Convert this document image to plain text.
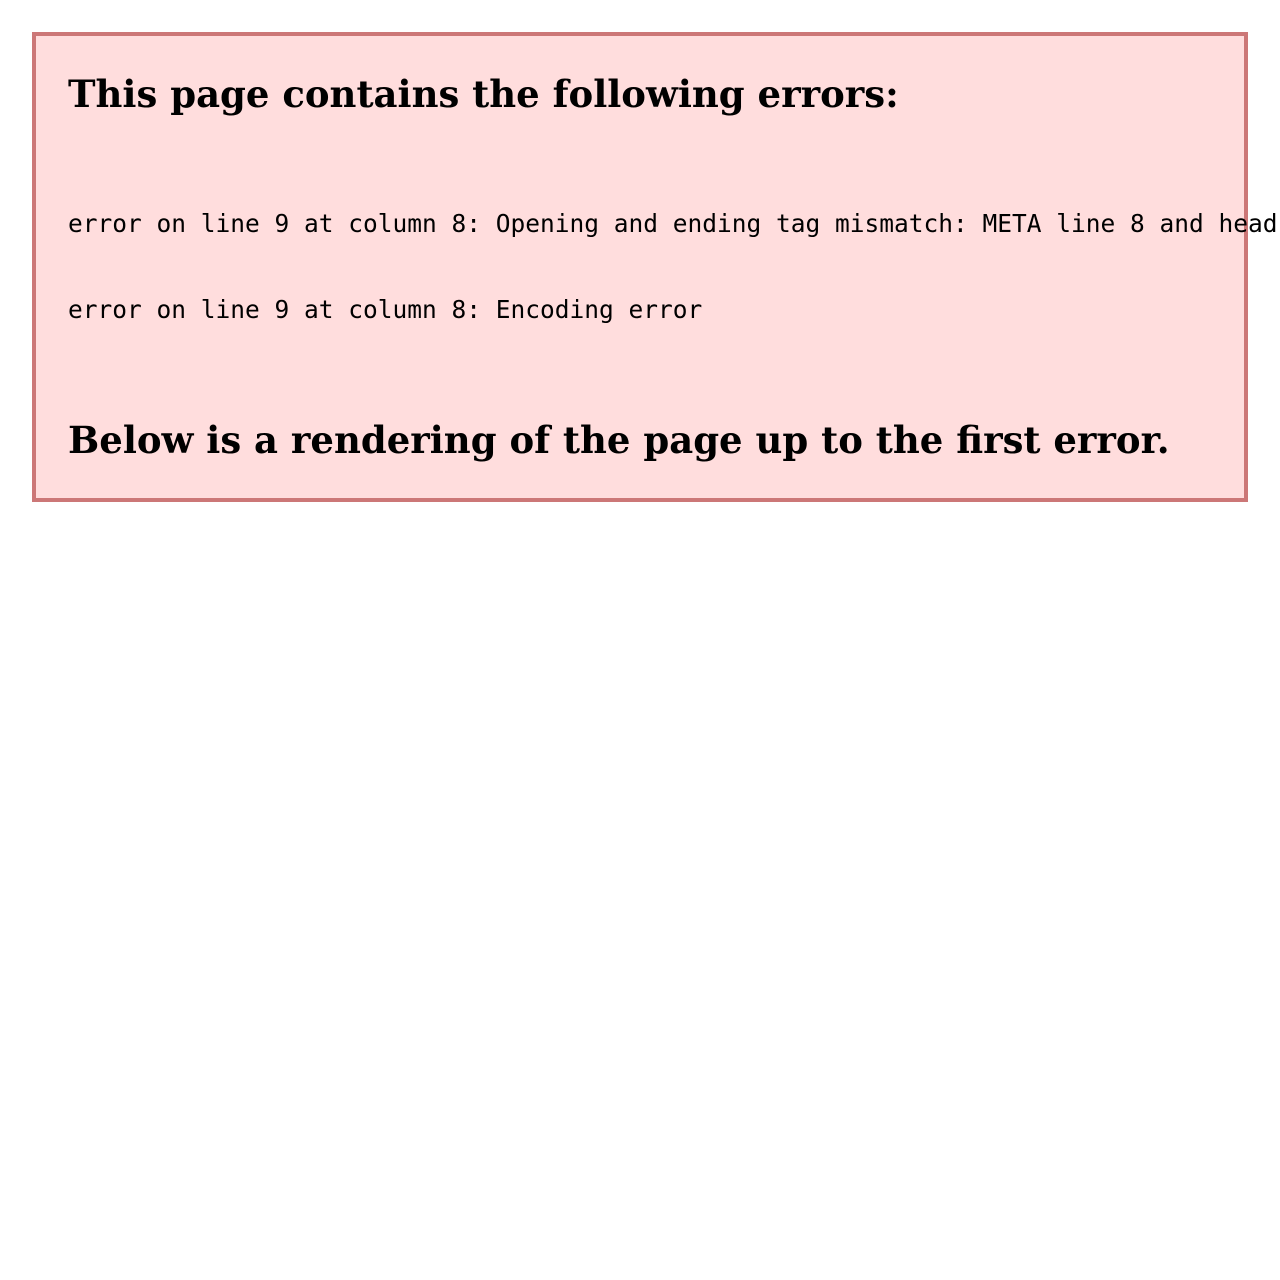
This page contains the following errors:

error on line 9 at column 8: Opening and ending tag mismatch: META line 8 and head

error on line 9 at column 8: Encoding error

Below is a rendering of the page up to the first error.
